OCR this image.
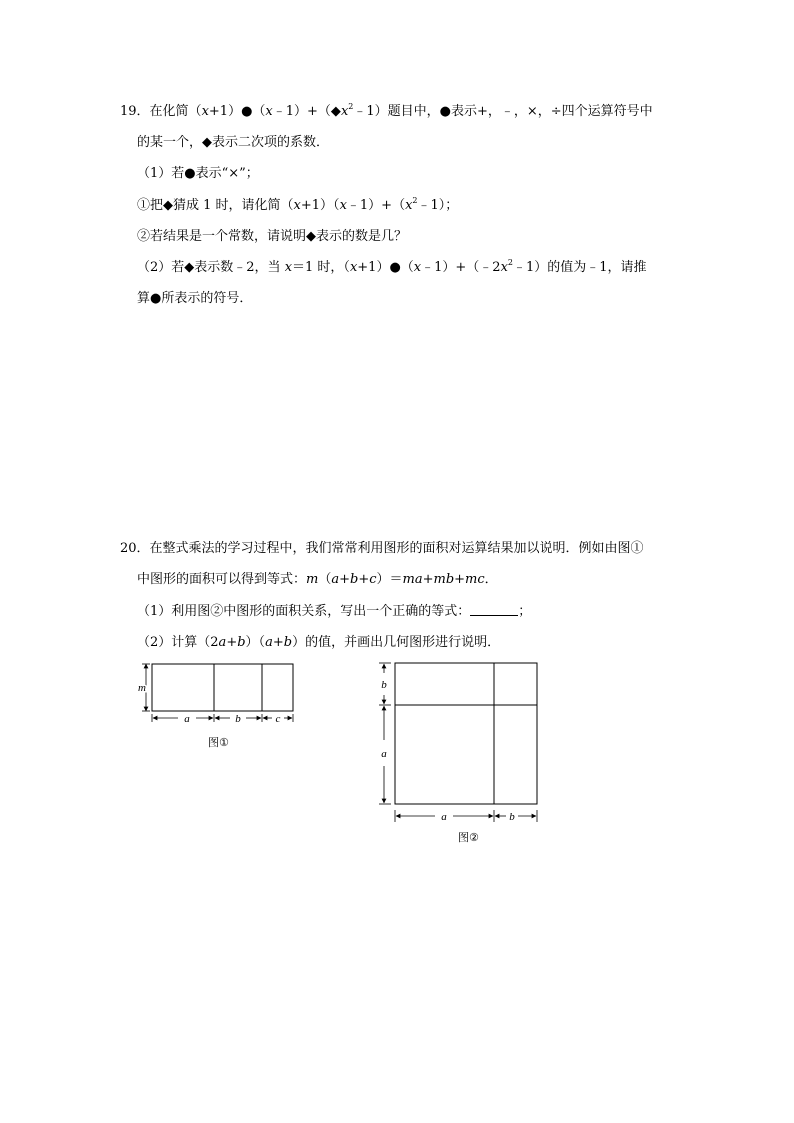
19．在化简$(x+1)●(x﹣1)+(◆x^2﹣1)$题目中，●表示+，﹣，×，÷四个运算符号中
的某一个，◆表示二次项的系数．
（1）若●表示“×”；
①把◆猜成 1 时，请化简$(x+1)(x﹣1)+(x^2﹣1)$；
②若结果是一个常数，请说明◆表示的数是几？
（2）若◆表示数﹣2，当 x＝1 时，$(x+1)●(x﹣1)+(﹣2x^2﹣1)$的值为﹣1，请推
算●所表示的符号．
20．在整式乘法的学习过程中，我们常常利用图形的面积对运算结果加以说明．例如由图①
中图形的面积可以得到等式：m（a+b+c）＝ma+mb+mc．
（1）利用图②中图形的面积关系，写出一个正确的等式：	；
（2）计算（2a+b）（a+b）的值，并画出几何图形进行说明．
m
a	b	c
b
a
a	b
图①
图②
